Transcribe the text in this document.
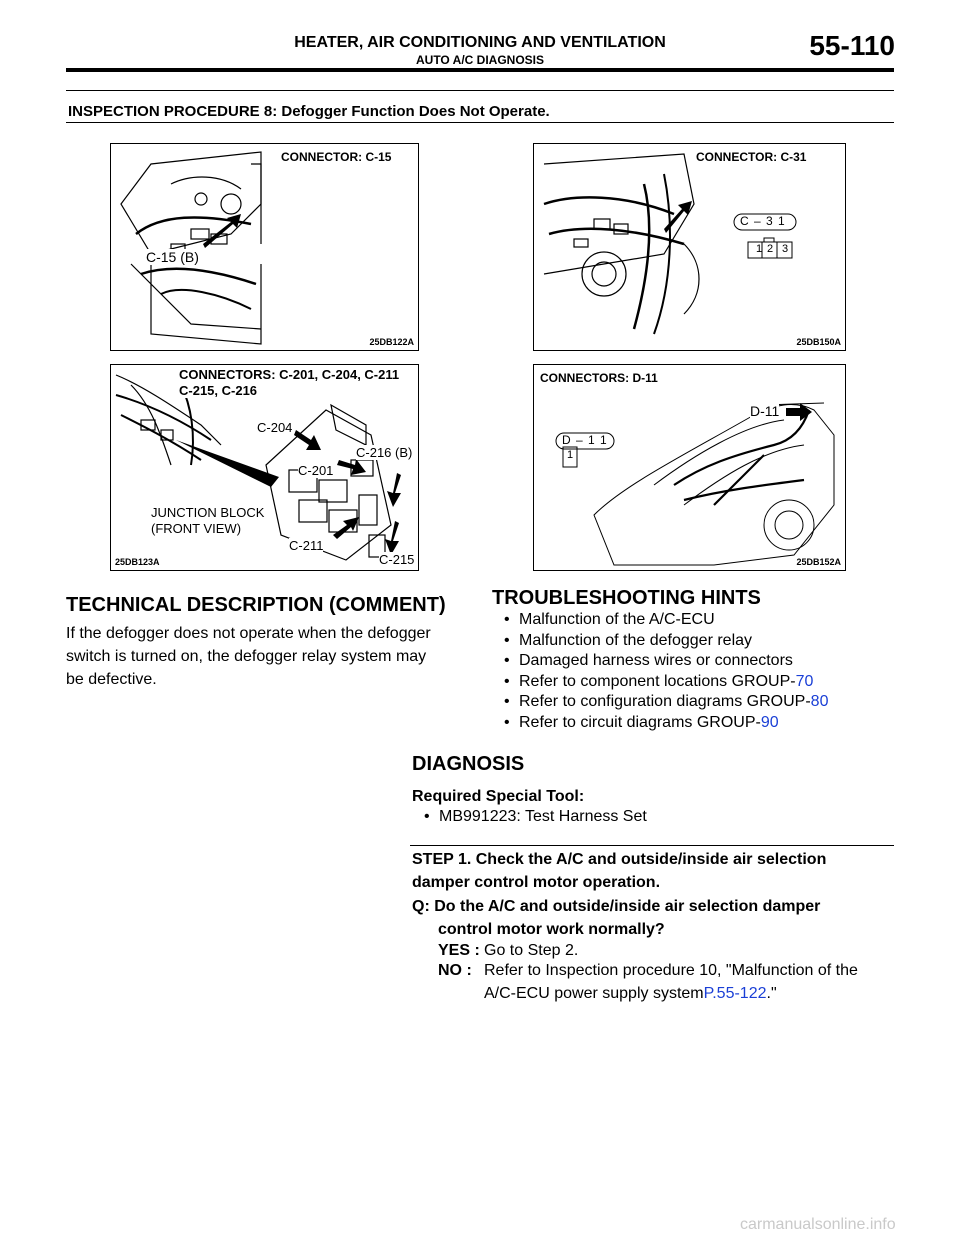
HEATER, AIR CONDITIONING AND VENTILATION
AUTO A/C DIAGNOSIS	55-110
INSPECTION PROCEDURE 8: Defogger Function Does Not Operate.
CONNECTOR: C-15
C-15 (B)
25DB122A
CONNECTOR: C-31
C – 3 1
1 2 3
25DB150A
CONNECTORS: C-201, C-204, C-211
C-215, C-216
C-204
C-216 (B)
C-201
JUNCTION BLOCK
(FRONT VIEW)
C-211
C-215
25DB123A
CONNECTORS: D-11
D – 1 1
1
D-11
25DB152A
TECHNICAL DESCRIPTION (COMMENT)
If the defogger does not operate when the defogger
switch is turned on, the defogger relay system may
be defective.
TROUBLESHOOTING HINTS
• Malfunction of the A/C-ECU
• Malfunction of the defogger relay
• Damaged harness wires or connectors
• Refer to component locations GROUP-70
• Refer to configuration diagrams GROUP-80
• Refer to circuit diagrams GROUP-90
DIAGNOSIS
Required Special Tool:
• MB991223: Test Harness Set
STEP 1. Check the A/C and outside/inside air selection
damper control motor operation.
Q: Do the A/C and outside/inside air selection damper
control motor work normally?
YES : Go to Step 2.
NO : Refer to Inspection procedure 10, "Malfunction of the
A/C-ECU power supply systemP.55-122."
carmanualsonline.info
